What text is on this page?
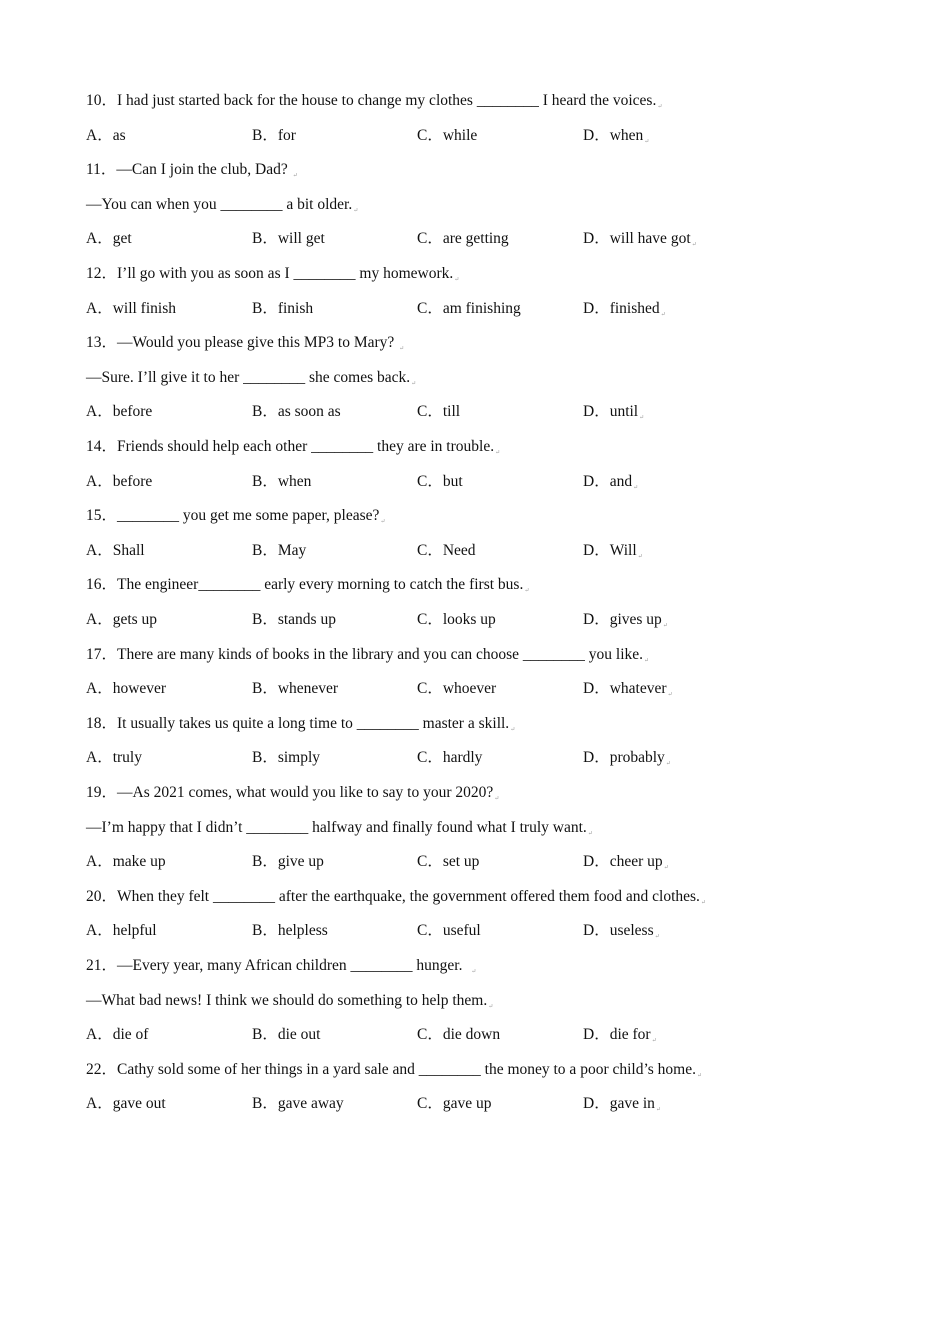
10．I had just started back for the house to change my clothes ________ I heard the voices.↵
A．as	B．for	C．while	D．when↵
11．—Can I join the club, Dad? ↵
—You can when you ________ a bit older.↵
A．get	B．will get	C．are getting	D．will have got↵
12．I’ll go with you as soon as I ________ my homework.↵
A．will finish	B．finish	C．am finishing	D．finished↵
13．—Would you please give this MP3 to Mary? ↵
—Sure. I’ll give it to her ________ she comes back.↵
A．before	B．as soon as	C．till	D．until↵
14．Friends should help each other ________ they are in trouble.↵
A．before	B．when	C．but	D．and↵
15．________ you get me some paper, please?↵
A．Shall	B．May	C．Need	D．Will↵
16．The engineer________ early every morning to catch the first bus.↵
A．gets up	B．stands up	C．looks up	D．gives up↵
17．There are many kinds of books in the library and you can choose ________ you like.↵
A．however	B．whenever	C．whoever	D．whatever↵
18．It usually takes us quite a long time to ________ master a skill.↵
A．truly	B．simply	C．hardly	D．probably↵
19．—As 2021 comes, what would you like to say to your 2020?↵
—I’m happy that I didn’t ________ halfway and finally found what I truly want.↵
A．make up	B．give up	C．set up	D．cheer up↵
20．When they felt ________ after the earthquake, the government offered them food and clothes.↵
A．helpful	B．helpless	C．useful	D．useless↵
21．—Every year, many African children ________ hunger.  ↵
—What bad news! I think we should do something to help them.↵
A．die of	B．die out	C．die down	D．die for↵
22．Cathy sold some of her things in a yard sale and ________ the money to a poor child’s home.↵
A．gave out	B．gave away	C．gave up	D．gave in↵
